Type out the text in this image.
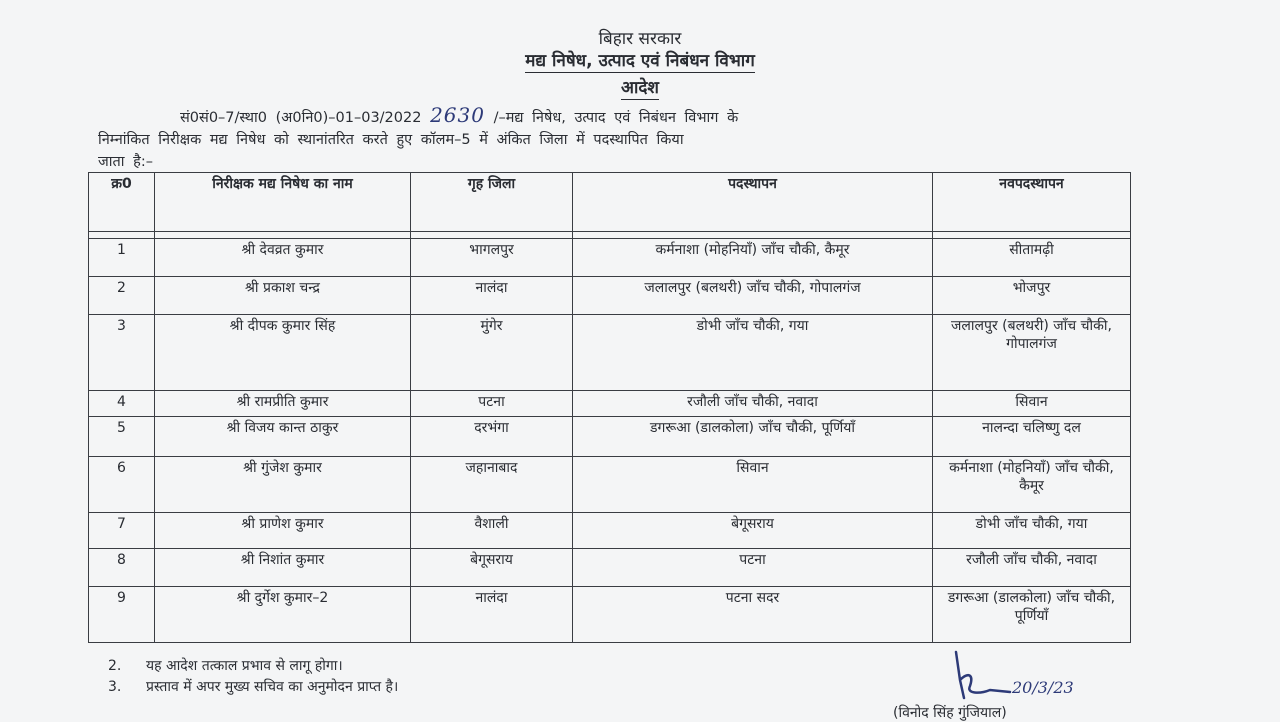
बिहार सरकार
मद्य निषेध, उत्पाद एवं निबंधन विभाग
आदेश
सं0सं0–7/स्था0 (अ0नि0)–01–03/2022 2630 /–मद्य निषेध, उत्पाद एवं निबंधन विभाग के
निम्नांकित निरीक्षक मद्य निषेध को स्थानांतरित करते हुए कॉलम–5 में अंकित जिला में पदस्थापित किया
जाता है:–
क्र0	निरीक्षक मद्य निषेध का नाम	गृह जिला	पदस्थापन	नवपदस्थापन

1	श्री देवव्रत कुमार	भागलपुर	कर्मनाशा (मोहनियाँ) जाँच चौकी, कैमूर	सीतामढ़ी
2	श्री प्रकाश चन्द्र	नालंदा	जलालपुर (बलथरी) जाँच चौकी, गोपालगंज	भोजपुर
3	श्री दीपक कुमार सिंह	मुंगेर	डोभी जाँच चौकी, गया	जलालपुर (बलथरी) जाँच चौकी, गोपालगंज
4	श्री रामप्रीति कुमार	पटना	रजौली जाँच चौकी, नवादा	सिवान
5	श्री विजय कान्त ठाकुर	दरभंगा	डगरूआ (डालकोला) जाँच चौकी, पूर्णियाँ	नालन्दा चलिष्णु दल
6	श्री गुंजेश कुमार	जहानाबाद	सिवान	कर्मनाशा (मोहनियाँ) जाँच चौकी, कैमूर
7	श्री प्राणेश कुमार	वैशाली	बेगूसराय	डोभी जाँच चौकी, गया
8	श्री निशांत कुमार	बेगूसराय	पटना	रजौली जाँच चौकी, नवादा
9	श्री दुर्गेश कुमार–2	नालंदा	पटना सदर	डगरूआ (डालकोला) जाँच चौकी, पूर्णियाँ
2. यह आदेश तत्काल प्रभाव से लागू होगा।
3. प्रस्ताव में अपर मुख्य सचिव का अनुमोदन प्राप्त है।	20/3/23
(विनोद सिंह गुंजियाल)
